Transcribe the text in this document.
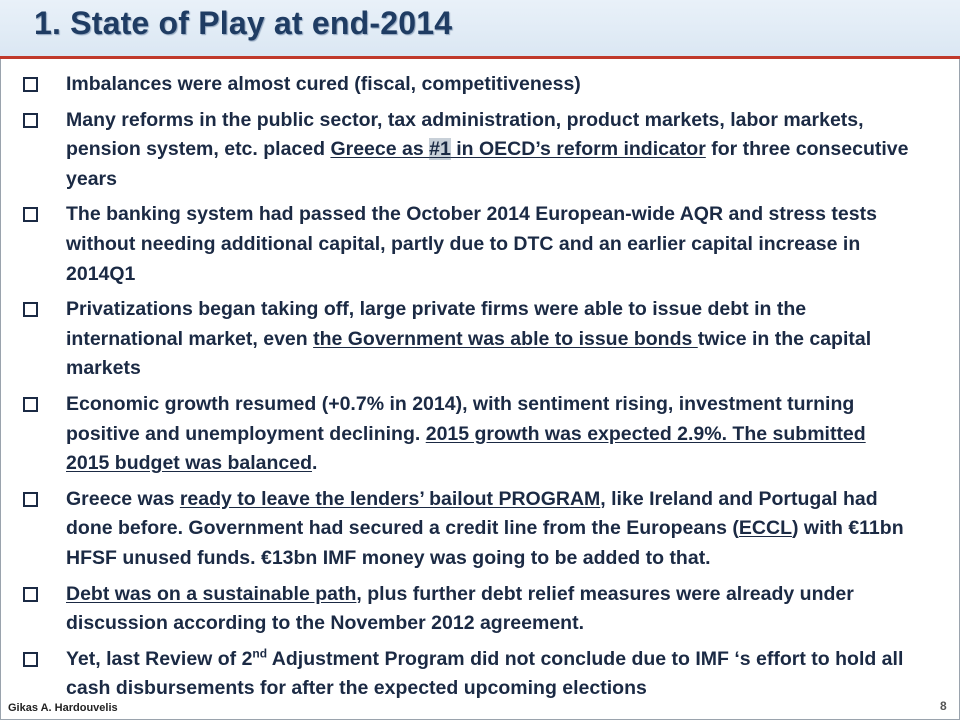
1. State of Play at end-2014
Imbalances were almost cured (fiscal, competitiveness)
Many reforms in the public sector, tax administration, product markets, labor markets, pension system, etc. placed Greece as #1 in OECD’s reform indicator for three consecutive years
The banking system had passed the October 2014 European-wide AQR and stress tests without needing additional capital, partly due to DTC and an earlier capital increase in 2014Q1
Privatizations began taking off, large private firms were able to issue debt in the international market, even the Government was able to issue bonds twice in the capital markets
Economic growth resumed (+0.7% in 2014), with sentiment rising, investment turning positive and unemployment declining. 2015 growth was expected 2.9%. The submitted 2015 budget was balanced.
Greece was ready to leave the lenders’ bailout PROGRAM, like Ireland and Portugal had done before. Government had secured a credit line from the Europeans (ECCL) with €11bn HFSF unused funds. €13bn IMF money was going to be added to that.
Debt was on a sustainable path, plus further debt relief measures were already under discussion according to the November 2012 agreement.
Yet, last Review of 2nd Adjustment Program did not conclude due to IMF ‘s effort to hold all cash disbursements for after the expected upcoming elections
Gikas A. Hardouvelis	8
